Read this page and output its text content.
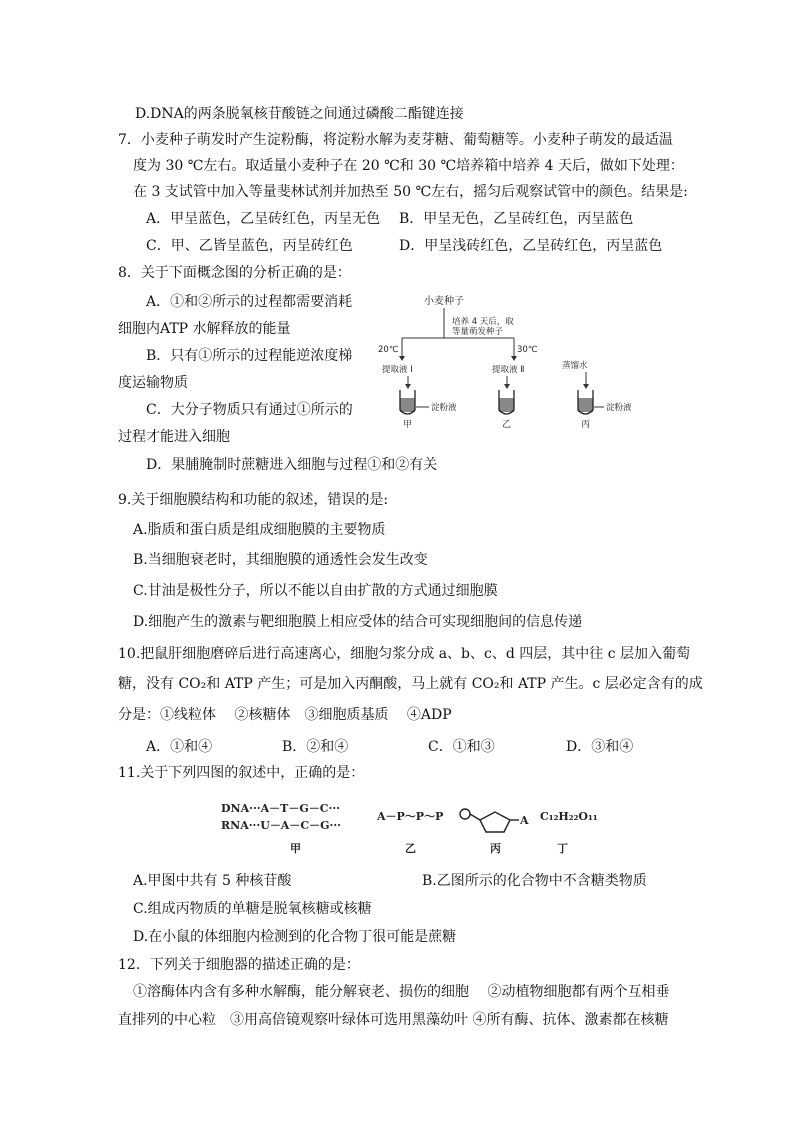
D.DNA的两条脱氧核苷酸链之间通过磷酸二酯键连接
7．小麦种子萌发时产生淀粉酶，将淀粉水解为麦芽糖、葡萄糖等。小麦种子萌发的最适温
度为 30 ℃左右。取适量小麦种子在 20 ℃和 30 ℃培养箱中培养 4 天后，做如下处理：
在 3 支试管中加入等量斐林试剂并加热至 50 ℃左右，摇匀后观察试管中的颜色。结果是:
A．甲呈蓝色，乙呈砖红色，丙呈无色 B．甲呈无色，乙呈砖红色，丙呈蓝色
C．甲、乙皆呈蓝色，丙呈砖红色	D．甲呈浅砖红色，乙呈砖红色，丙呈蓝色
8．关于下面概念图的分析正确的是：
A．①和②所示的过程都需要消耗
细胞内ATP 水解释放的能量
B．只有①所示的过程能逆浓度梯
度运输物质
C．大分子物质只有通过①所示的
过程才能进入细胞
D．果脯腌制时蔗糖进入细胞与过程①和②有关
小麦种子
培养 4 天后，取
等量萌发种子
20℃	30℃
提取液 Ⅰ	提取液 Ⅱ	蒸馏水
淀粉液	淀粉液
甲	乙	丙
9.关于细胞膜结构和功能的叙述，错误的是:
A.脂质和蛋白质是组成细胞膜的主要物质
B.当细胞衰老时，其细胞膜的通透性会发生改变
C.甘油是极性分子，所以不能以自由扩散的方式通过细胞膜
D.细胞产生的激素与靶细胞膜上相应受体的结合可实现细胞间的信息传递
10.把鼠肝细胞磨碎后进行高速离心，细胞匀浆分成 a、b、c、d 四层，其中往 c 层加入葡萄
糖，没有 CO₂和 ATP 产生；可是加入丙酮酸，马上就有 CO₂和 ATP 产生。c 层必定含有的成
分是：①线粒体　 ②核糖体　③细胞质基质　 ④ADP
A．①和④	B．②和④	C．①和③	D．③和④
11.关于下列四图的叙述中，正确的是：
DNA···A－T－G－C···
RNA···U－A－C－G···
A－P～P～P	A C₁₂H₂₂O₁₁
甲	乙	丙	丁
A.甲图中共有 5 种核苷酸	B.乙图所示的化合物中不含糖类物质
C.组成丙物质的单糖是脱氧核糖或核糖
D.在小鼠的体细胞内检测到的化合物丁很可能是蔗糖
12．下列关于细胞器的描述正确的是：
①溶酶体内含有多种水解酶，能分解衰老、损伤的细胞　 ②动植物细胞都有两个互相垂
直排列的中心粒　③用高倍镜观察叶绿体可选用黑藻幼叶 ④所有酶、抗体、激素都在核糖
